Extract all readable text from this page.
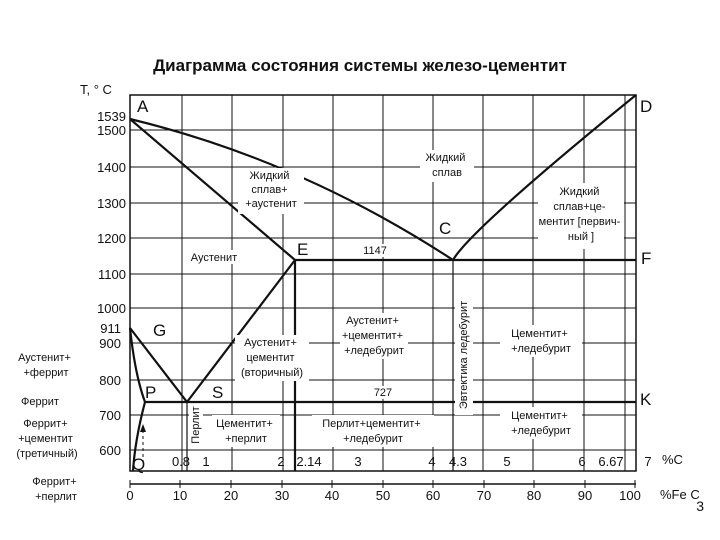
Диаграмма состояния системы железо-цементит
T, ° C
%C
%Fe C
3
Жидкий сплав+ +аустенит
Жидкий сплав
Жидкий сплав+це- ментит [первич- ный ]
Аустенит
Аустенит+ цементит (вторичный)
Аустенит+ +цементит+ +ледебурит
Цементит+ +ледебурит
Цементит+ +перлит
Перлит+цементит+ +ледебурит
Цементит+ +ледебурит
1147
727	Эвтектика ледебурит
Перлит
A	D
E
C
F
G
P	S	K
Q
1539
1500
1400
1300
1200
1100
1000
911
900
800
700
600
0.8 1	2 2.14	3	4 4.3	5	6 6.67 7
0	10	20	30	40	50	60	70	80	90 100
Аустенит+ +феррит
Феррит
Феррит+ +цементит (третичный)
Феррит+ +перлит
